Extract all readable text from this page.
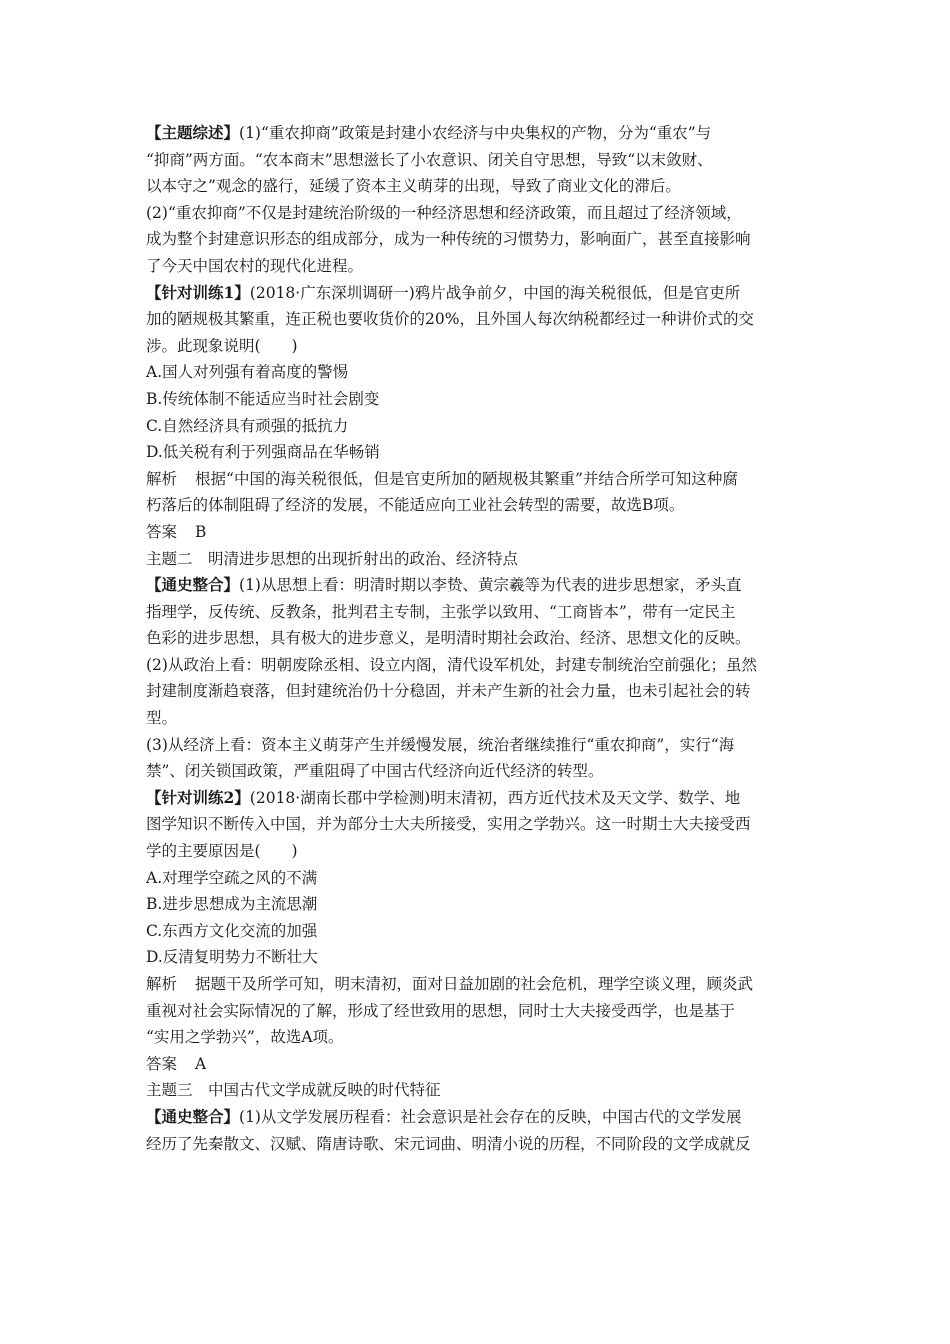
【主题综述】(1)“重农抑商”政策是封建小农经济与中央集权的产物，分为“重农”与
“抑商”两方面。“农本商末”思想滋长了小农意识、闭关自守思想，导致“以末敛财、
以本守之”观念的盛行，延缓了资本主义萌芽的出现，导致了商业文化的滞后。
(2)“重农抑商”不仅是封建统治阶级的一种经济思想和经济政策，而且超过了经济领域，
成为整个封建意识形态的组成部分，成为一种传统的习惯势力，影响面广，甚至直接影响
了今天中国农村的现代化进程。
【针对训练1】(2018·广东深圳调研一)鸦片战争前夕，中国的海关税很低，但是官吏所
加的陋规极其繁重，连正税也要收货价的20%，且外国人每次纳税都经过一种讲价式的交
涉。此现象说明(　　)
A.国人对列强有着高度的警惕
B.传统体制不能适应当时社会剧变
C.自然经济具有顽强的抵抗力
D.低关税有利于列强商品在华畅销
解析 根据“中国的海关税很低，但是官吏所加的陋规极其繁重”并结合所学可知这种腐
朽落后的体制阻碍了经济的发展，不能适应向工业社会转型的需要，故选B项。
答案 B
主题二　明清进步思想的出现折射出的政治、经济特点
【通史整合】(1)从思想上看：明清时期以李贽、黄宗羲等为代表的进步思想家，矛头直
指理学，反传统、反教条，批判君主专制，主张学以致用、“工商皆本”，带有一定民主
色彩的进步思想，具有极大的进步意义，是明清时期社会政治、经济、思想文化的反映。
(2)从政治上看：明朝废除丞相、设立内阁，清代设军机处，封建专制统治空前强化；虽然
封建制度渐趋衰落，但封建统治仍十分稳固，并未产生新的社会力量，也未引起社会的转
型。
(3)从经济上看：资本主义萌芽产生并缓慢发展，统治者继续推行“重农抑商”，实行“海
禁”、闭关锁国政策，严重阻碍了中国古代经济向近代经济的转型。
【针对训练2】(2018·湖南长郡中学检测)明末清初，西方近代技术及天文学、数学、地
图学知识不断传入中国，并为部分士大夫所接受，实用之学勃兴。这一时期士大夫接受西
学的主要原因是(　　)
A.对理学空疏之风的不满
B.进步思想成为主流思潮
C.东西方文化交流的加强
D.反清复明势力不断壮大
解析 据题干及所学可知，明末清初，面对日益加剧的社会危机，理学空谈义理，顾炎武
重视对社会实际情况的了解，形成了经世致用的思想，同时士大夫接受西学，也是基于
“实用之学勃兴”，故选A项。
答案 A
主题三　中国古代文学成就反映的时代特征
【通史整合】(1)从文学发展历程看：社会意识是社会存在的反映，中国古代的文学发展
经历了先秦散文、汉赋、隋唐诗歌、宋元词曲、明清小说的历程，不同阶段的文学成就反
